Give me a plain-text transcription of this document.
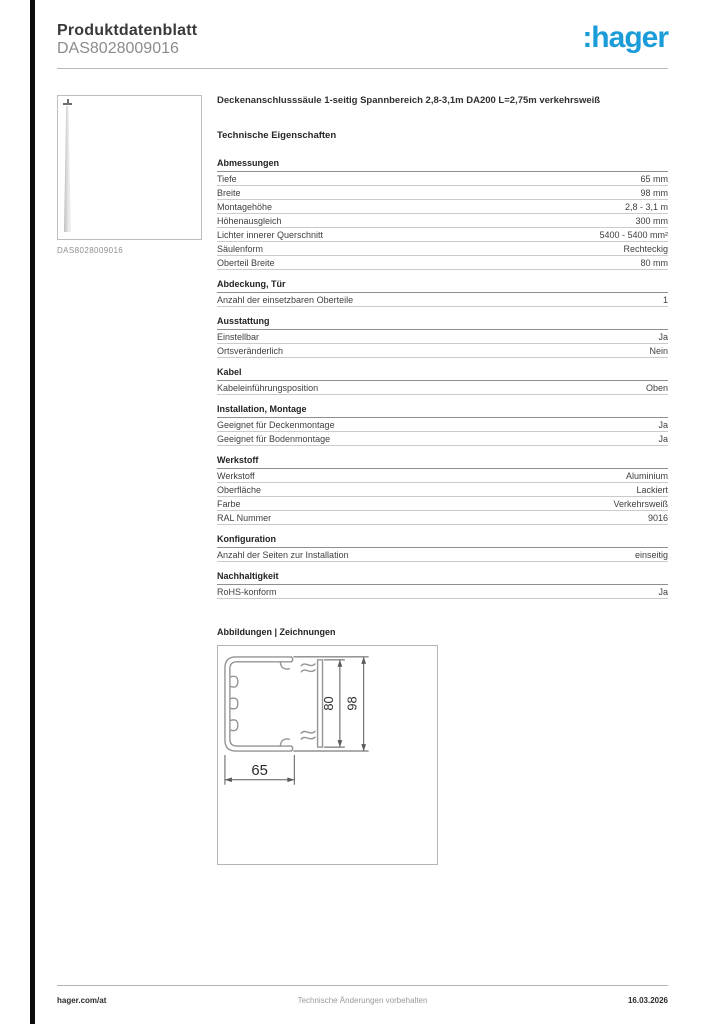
Produktdatenblatt
DAS8028009016	:hager
DAS8028009016
Deckenanschlusssäule 1-seitig Spannbereich 2,8-3,1m DA200 L=2,75m verkehrsweiß
Technische Eigenschaften
Abmessungen
Tiefe	65 mm
Breite	98 mm
Montagehöhe	2,8 - 3,1 m
Höhenausgleich	300 mm
Lichter innerer Querschnitt	5400 - 5400 mm²
Säulenform	Rechteckig
Oberteil Breite	80 mm
Abdeckung, Tür
Anzahl der einsetzbaren Oberteile	1
Ausstattung
Einstellbar	Ja
Ortsveränderlich	Nein
Kabel
Kabeleinführungsposition	Oben
Installation, Montage
Geeignet für Deckenmontage	Ja
Geeignet für Bodenmontage	Ja
Werkstoff
Werkstoff	Aluminium
Oberfläche	Lackiert
Farbe	Verkehrsweiß
RAL Nummer	9016
Konfiguration
Anzahl der Seiten zur Installation	einseitig
Nachhaltigkeit
RoHS-konform	Ja
Abbildungen | Zeichnungen
80 98
65
hager.com/at	Technische Änderungen vorbehalten	16.03.2026
